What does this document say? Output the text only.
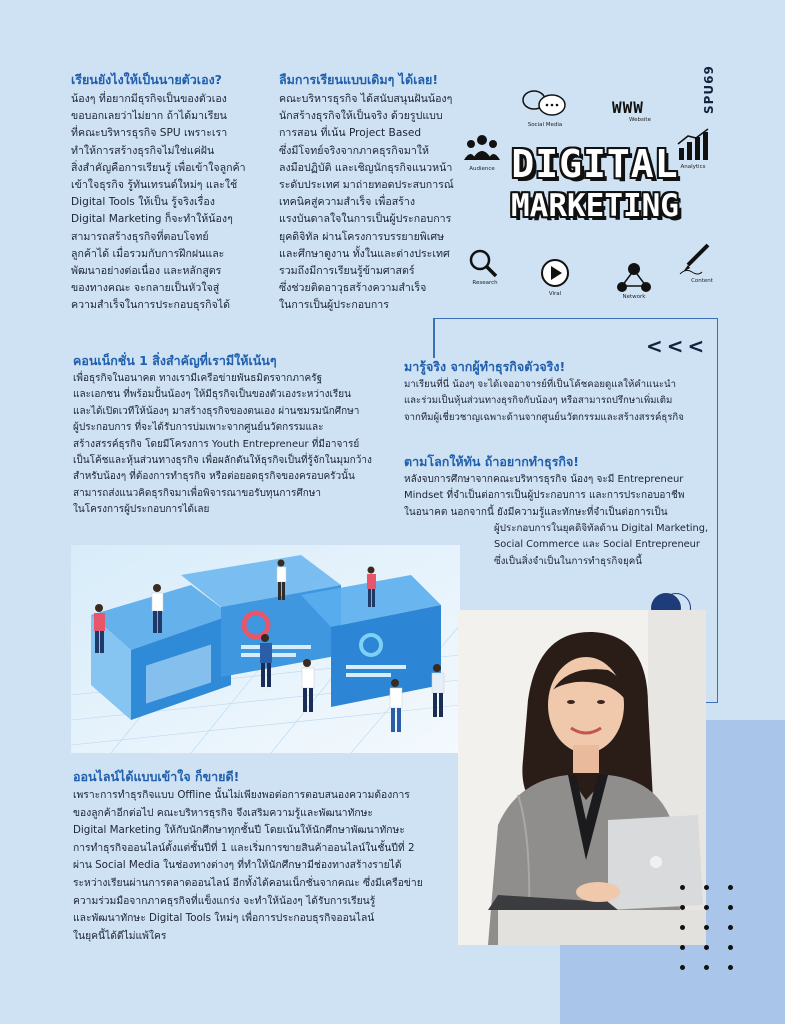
SPU69
เรียนยังไงให้เป็นนายตัวเอง?
น้องๆ ที่อยากมีธุรกิจเป็นของตัวเอง
ขอบอกเลยว่าไม่ยาก ถ้าได้มาเรียน
ที่คณะบริหารธุรกิจ SPU เพราะเรา
ทำให้การสร้างธุรกิจไม่ใช่แค่ฝัน
สิ่งสำคัญคือการเรียนรู้ เพื่อเข้าใจลูกค้า
เข้าใจธุรกิจ รู้ทันเทรนด์ใหม่ๆ และใช้
Digital Tools ให้เป็น รู้จริงเรื่อง
Digital Marketing ก็จะทำให้น้องๆ
สามารถสร้างธุรกิจที่ตอบโจทย์
ลูกค้าได้ เมื่อรวมกับการฝึกฝนและ
พัฒนาอย่างต่อเนื่อง และหลักสูตร
ของทางคณะ จะกลายเป็นหัวใจสู่
ความสำเร็จในการประกอบธุรกิจได้
ลืมการเรียนแบบเดิมๆ ได้เลย!
คณะบริหารธุรกิจ ได้สนับสนุนฝันน้องๆ
นักสร้างธุรกิจให้เป็นจริง ด้วยรูปแบบ
การสอน ที่เน้น Project Based
ซึ่งมีโจทย์จริงจากภาคธุรกิจมาให้
ลงมือปฏิบัติ และเชิญนักธุรกิจแนวหน้า
ระดับประเทศ มาถ่ายทอดประสบการณ์
เทคนิคสู่ความสำเร็จ เพื่อสร้าง
แรงบันดาลใจในการเป็นผู้ประกอบการ
ยุคดิจิทัล ผ่านโครงการบรรยายพิเศษ
และศึกษาดูงาน ทั้งในและต่างประเทศ
รวมถึงมีการเรียนรู้ข้ามศาสตร์
ซึ่งช่วยติดอาวุธสร้างความสำเร็จ
ในการเป็นผู้ประกอบการ
Social Media
WWW
Website
Audience	Analytics
DIGITAL
MARKETING
Research
Viral	Network
Content
<<<
คอนเน็กชั่น 1 สิ่งสำคัญที่เรามีให้เน้นๆ
เพื่อธุรกิจในอนาคต ทางเรามีเครือข่ายพันธมิตรจากภาครัฐ
และเอกชน ที่พร้อมปั้นน้องๆ ให้มีธุรกิจเป็นของตัวเองระหว่างเรียน
และได้เปิดเวทีให้น้องๆ มาสร้างธุรกิจของตนเอง ผ่านชมรมนักศึกษา
ผู้ประกอบการ ที่จะได้รับการบ่มเพาะจากศูนย์นวัตกรรมและ
สร้างสรรค์ธุรกิจ โดยมีโครงการ Youth Entrepreneur ที่มีอาจารย์
เป็นโค้ชและหุ้นส่วนทางธุรกิจ เพื่อผลักดันให้ธุรกิจเป็นที่รู้จักในมุมกว้าง
สำหรับน้องๆ ที่ต้องการทำธุรกิจ หรือต่อยอดธุรกิจของครอบครัวนั้น
สามารถส่งแนวคิดธุรกิจมาเพื่อพิจารณาขอรับทุนการศึกษา
ในโครงการผู้ประกอบการได้เลย
มารู้จริง จากผู้ทำธุรกิจตัวจริง!
มาเรียนที่นี่ น้องๆ จะได้เจออาจารย์ที่เป็นโค้ชคอยดูแลให้คำแนะนำ
และร่วมเป็นหุ้นส่วนทางธุรกิจกับน้องๆ หรือสามารถปรึกษาเพิ่มเติม
จากทีมผู้เชี่ยวชาญเฉพาะด้านจากศูนย์นวัตกรรมและสร้างสรรค์ธุรกิจ
ตามโลกให้ทัน ถ้าอยากทำธุรกิจ!
หลังจบการศึกษาจากคณะบริหารธุรกิจ น้องๆ จะมี Entrepreneur
Mindset ที่จำเป็นต่อการเป็นผู้ประกอบการ และการประกอบอาชีพ
ในอนาคต นอกจากนี้ ยังมีความรู้และทักษะที่จำเป็นต่อการเป็น
ผู้ประกอบการในยุคดิจิทัลด้าน Digital Marketing,
Social Commerce และ Social Entrepreneur
ซึ่งเป็นสิ่งจำเป็นในการทำธุรกิจยุคนี้
ออนไลน์ได้แบบเข้าใจ ก็ขายดี!
เพราะการทำธุรกิจแบบ Offline นั้นไม่เพียงพอต่อการตอบสนองความต้องการ
ของลูกค้าอีกต่อไป คณะบริหารธุรกิจ จึงเสริมความรู้และพัฒนาทักษะ
Digital Marketing ให้กับนักศึกษาทุกชั้นปี โดยเน้นให้นักศึกษาพัฒนาทักษะ
การทำธุรกิจออนไลน์ตั้งแต่ชั้นปีที่ 1 และเริ่มการขายสินค้าออนไลน์ในชั้นปีที่ 2
ผ่าน Social Media ในช่องทางต่างๆ ที่ทำให้นักศึกษามีช่องทางสร้างรายได้
ระหว่างเรียนผ่านการตลาดออนไลน์ อีกทั้งได้คอนเน็กชั่นจากคณะ ซึ่งมีเครือข่าย
ความร่วมมือจากภาคธุรกิจที่แข็งแกร่ง จะทำให้น้องๆ ได้รับการเรียนรู้
และพัฒนาทักษะ Digital Tools ใหม่ๆ เพื่อการประกอบธุรกิจออนไลน์
ในยุคนี้ได้ดีไม่แพ้ใคร
